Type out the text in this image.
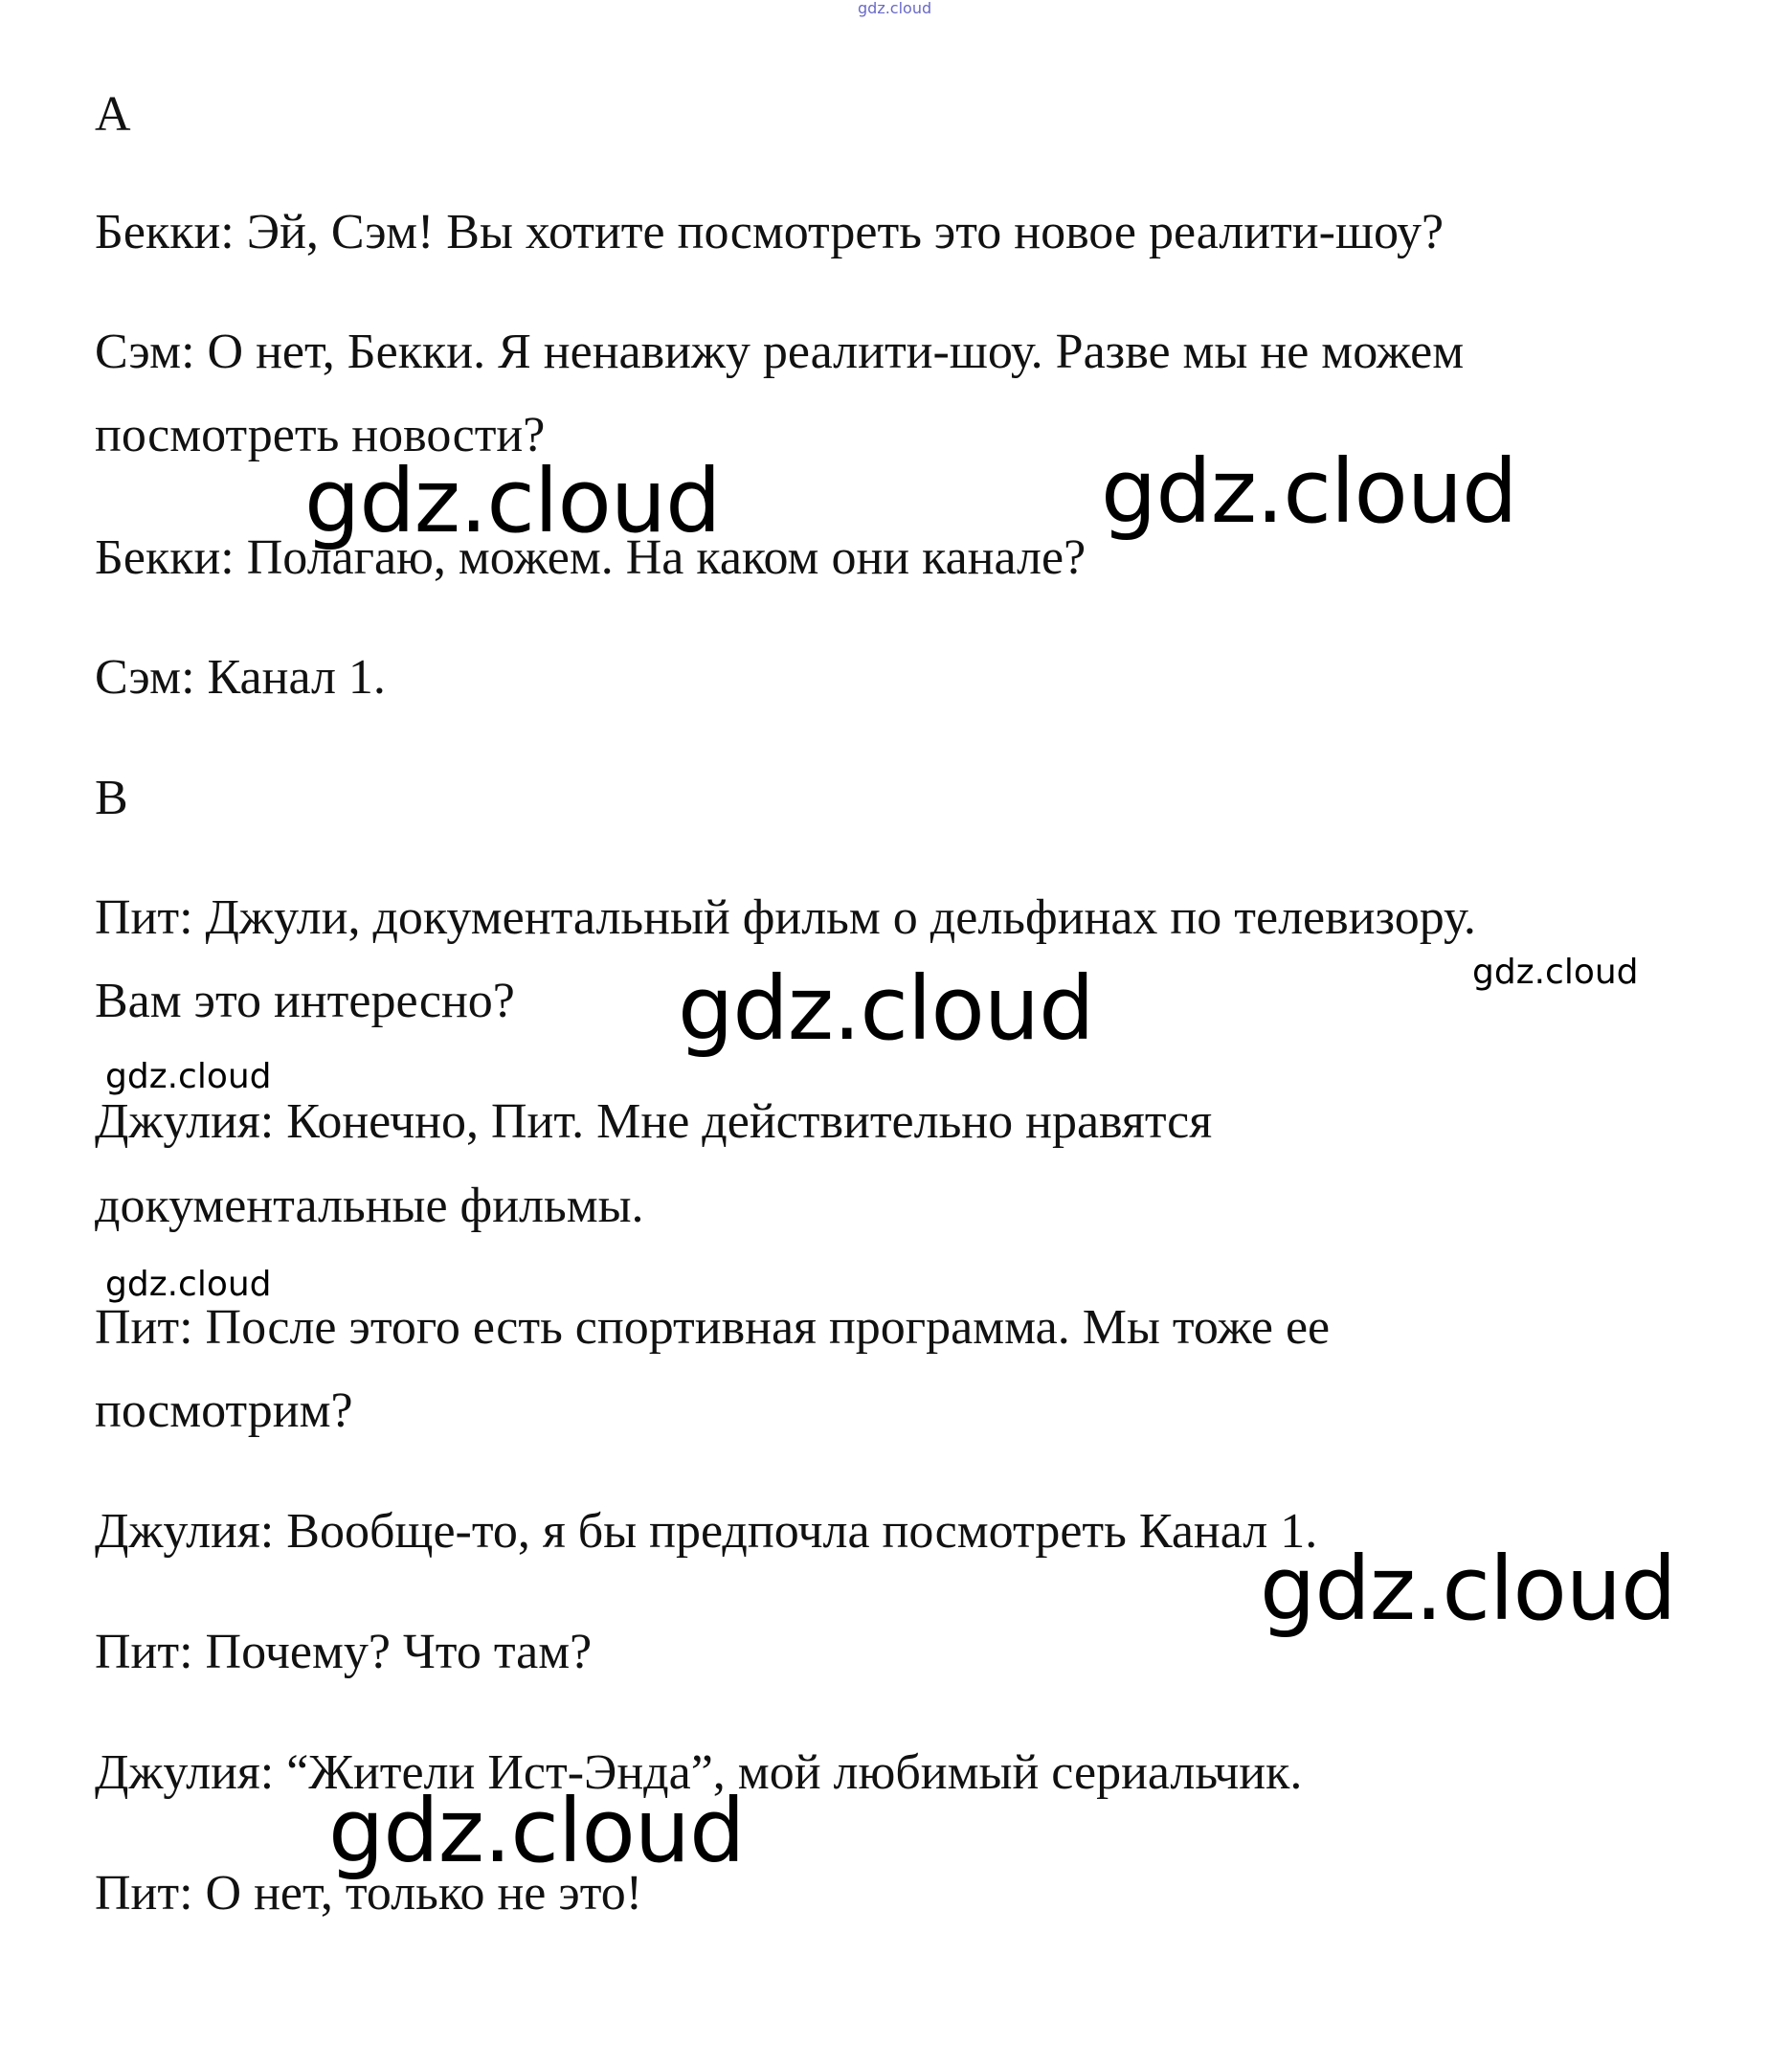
gdz.cloud
A
Бекки: Эй, Сэм! Вы хотите посмотреть это новое реалити-шоу?
Сэм: О нет, Бекки. Я ненавижу реалити-шоу. Разве мы не можем
посмотреть новости?
Бекки: Полагаю, можем. На каком они канале?
Сэм: Канал 1.
B
Пит: Джули, документальный фильм о дельфинах по телевизору.
Вам это интересно?
Джулия: Конечно, Пит. Мне действительно нравятся
документальные фильмы.
Пит: После этого есть спортивная программа. Мы тоже ее
посмотрим?
Джулия: Вообще-то, я бы предпочла посмотреть Канал 1.
Пит: Почему? Что там?
Джулия: “Жители Ист-Энда”, мой любимый сериальчик.
Пит: О нет, только не это!
gdz.cloud	gdz.cloud
gdz.cloud
gdz.cloud
gdz.cloud
gdz.cloud
gdz.cloud
gdz.cloud
